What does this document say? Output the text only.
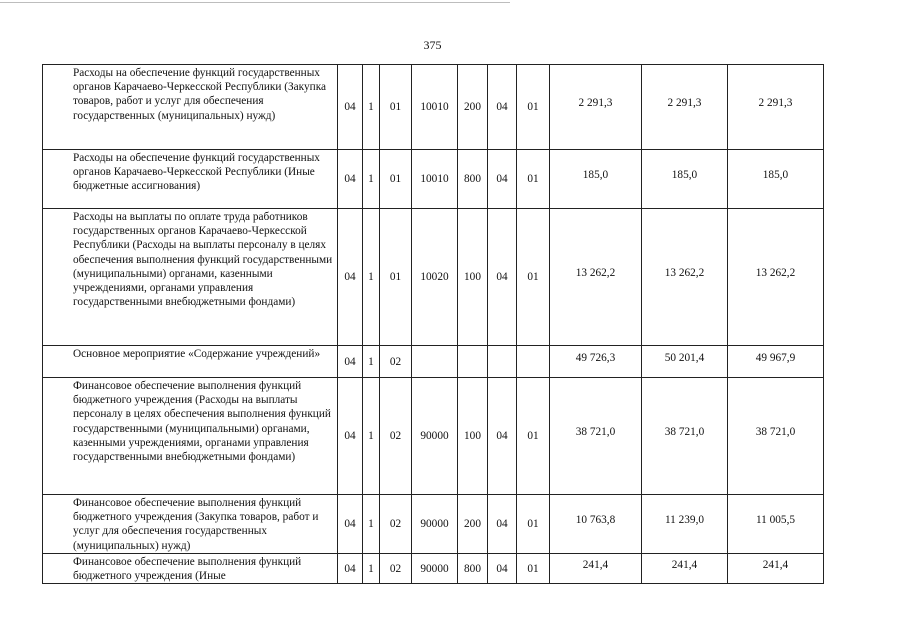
375
Расходы на обеспечение функций государственных органов Карачаево-Черкесской Республики (Закупка товаров, работ и услуг для обеспечения государственных (муниципальных) нужд)	04	1	01	10010	200	04	01	2 291,3	2 291,3	2 291,3
Расходы на обеспечение функций государственных органов Карачаево-Черкесской Республики (Иные бюджетные ассигнования)	04	1	01	10010	800	04	01	185,0	185,0	185,0
Расходы на выплаты по оплате труда работников государственных органов Карачаево-Черкесской Республики (Расходы на выплаты персоналу в целях обеспечения выполнения функций государственными (муниципальными) органами, казенными учреждениями, органами управления государственными внебюджетными фондами)	04	1	01	10020	100	04	01	13 262,2	13 262,2	13 262,2
Основное мероприятие «Содержание учреждений»	04	1	02					49 726,3	50 201,4	49 967,9
Финансовое обеспечение выполнения функций бюджетного учреждения (Расходы на выплаты персоналу в целях обеспечения выполнения функций государственными (муниципальными) органами, казенными учреждениями, органами управления государственными внебюджетными фондами)	04	1	02	90000	100	04	01	38 721,0	38 721,0	38 721,0
Финансовое обеспечение выполнения функций бюджетного учреждения (Закупка товаров, работ и услуг для обеспечения государственных (муниципальных) нужд)	04	1	02	90000	200	04	01	10 763,8	11 239,0	11 005,5
Финансовое обеспечение выполнения функций бюджетного учреждения (Иные	04	1	02	90000	800	04	01	241,4	241,4	241,4
